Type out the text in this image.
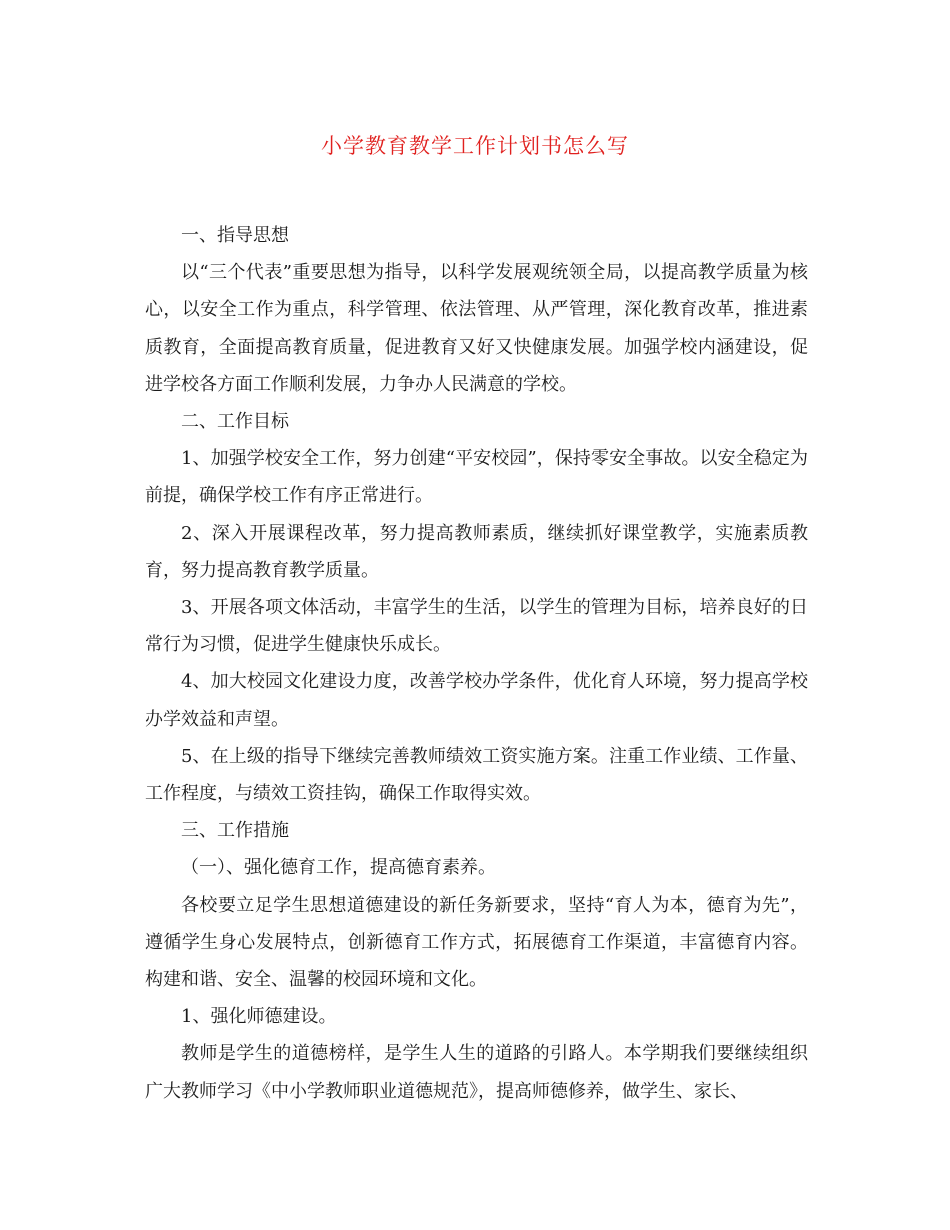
小学教育教学工作计划书怎么写

一、指导思想

以“三个代表”重要思想为指导，以科学发展观统领全局，以提高教学质量为核心，以安全工作为重点，科学管理、依法管理、从严管理，深化教育改革，推进素质教育，全面提高教育质量，促进教育又好又快健康发展。加强学校内涵建设，促进学校各方面工作顺利发展，力争办人民满意的学校。

二、工作目标

1、加强学校安全工作，努力创建“平安校园”，保持零安全事故。以安全稳定为前提，确保学校工作有序正常进行。

2、深入开展课程改革，努力提高教师素质，继续抓好课堂教学，实施素质教育，努力提高教育教学质量。

3、开展各项文体活动，丰富学生的生活，以学生的管理为目标，培养良好的日常行为习惯，促进学生健康快乐成长。

4、加大校园文化建设力度，改善学校办学条件，优化育人环境，努力提高学校办学效益和声望。

5、在上级的指导下继续完善教师绩效工资实施方案。注重工作业绩、工作量、工作程度，与绩效工资挂钩，确保工作取得实效。

三、工作措施

（一）、强化德育工作，提高德育素养。

各校要立足学生思想道德建设的新任务新要求，坚持“育人为本，德育为先”，遵循学生身心发展特点，创新德育工作方式，拓展德育工作渠道，丰富德育内容。构建和谐、安全、温馨的校园环境和文化。

1、强化师德建设。

教师是学生的道德榜样，是学生人生的道路的引路人。本学期我们要继续组织广大教师学习《中小学教师职业道德规范》，提高师德修养，做学生、家长、
